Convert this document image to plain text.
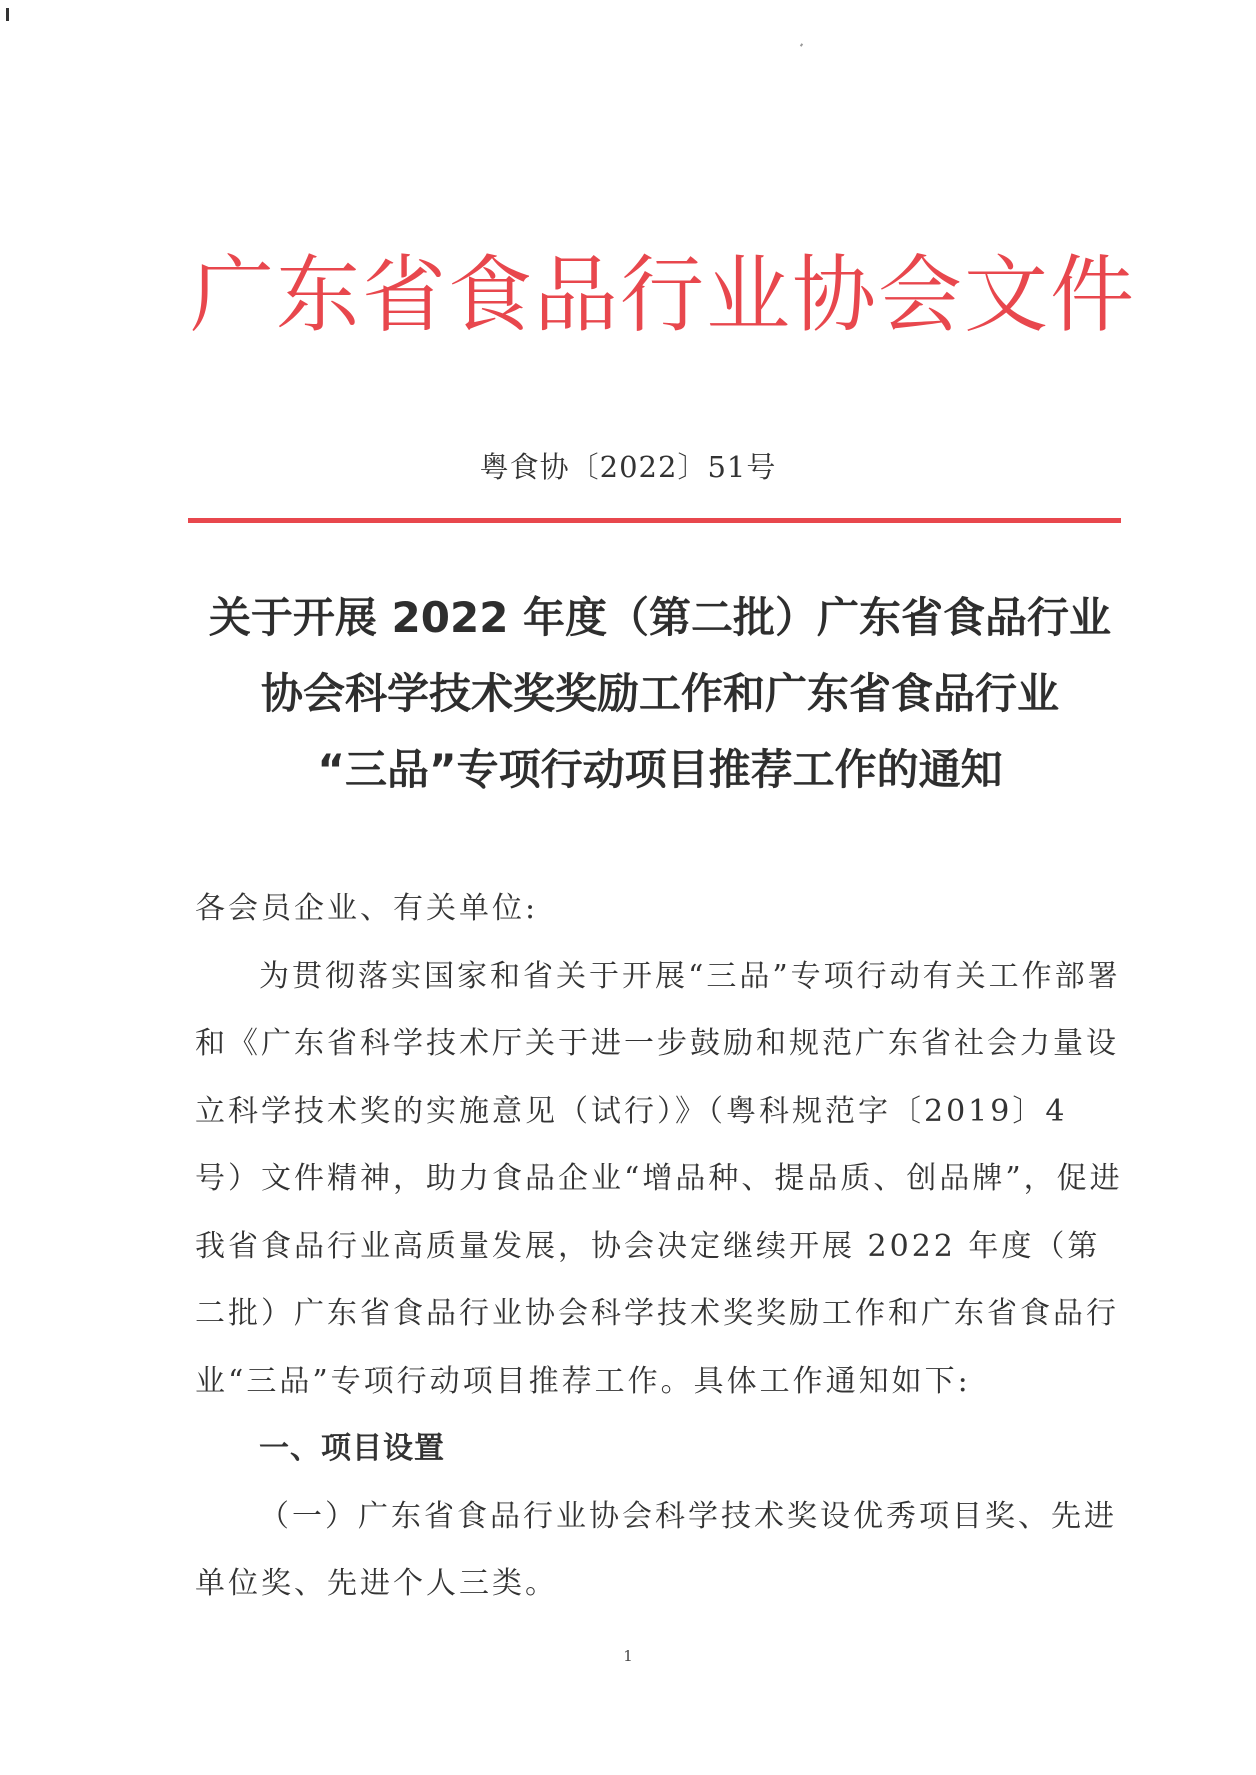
广东省食品行业协会文件
粤食协〔2022〕51号
关于开展 2022 年度（第二批）广东省食品行业
协会科学技术奖奖励工作和广东省食品行业
“三品”专项行动项目推荐工作的通知

各会员企业、有关单位:

为贯彻落实国家和省关于开展“三品”专项行动有关工作部署和《广东省科学技术厅关于进一步鼓励和规范广东省社会力量设立科学技术奖的实施意见（试行）》（粤科规范字〔2019〕4 号）文件精神，助力食品企业“增品种、提品质、创品牌”，促进我省食品行业高质量发展，协会决定继续开展 2022 年度（第二批）广东省食品行业协会科学技术奖奖励工作和广东省食品行业“三品”专项行动项目推荐工作。具体工作通知如下:

一、项目设置

（一）广东省食品行业协会科学技术奖设优秀项目奖、先进单位奖、先进个人三类。

1
